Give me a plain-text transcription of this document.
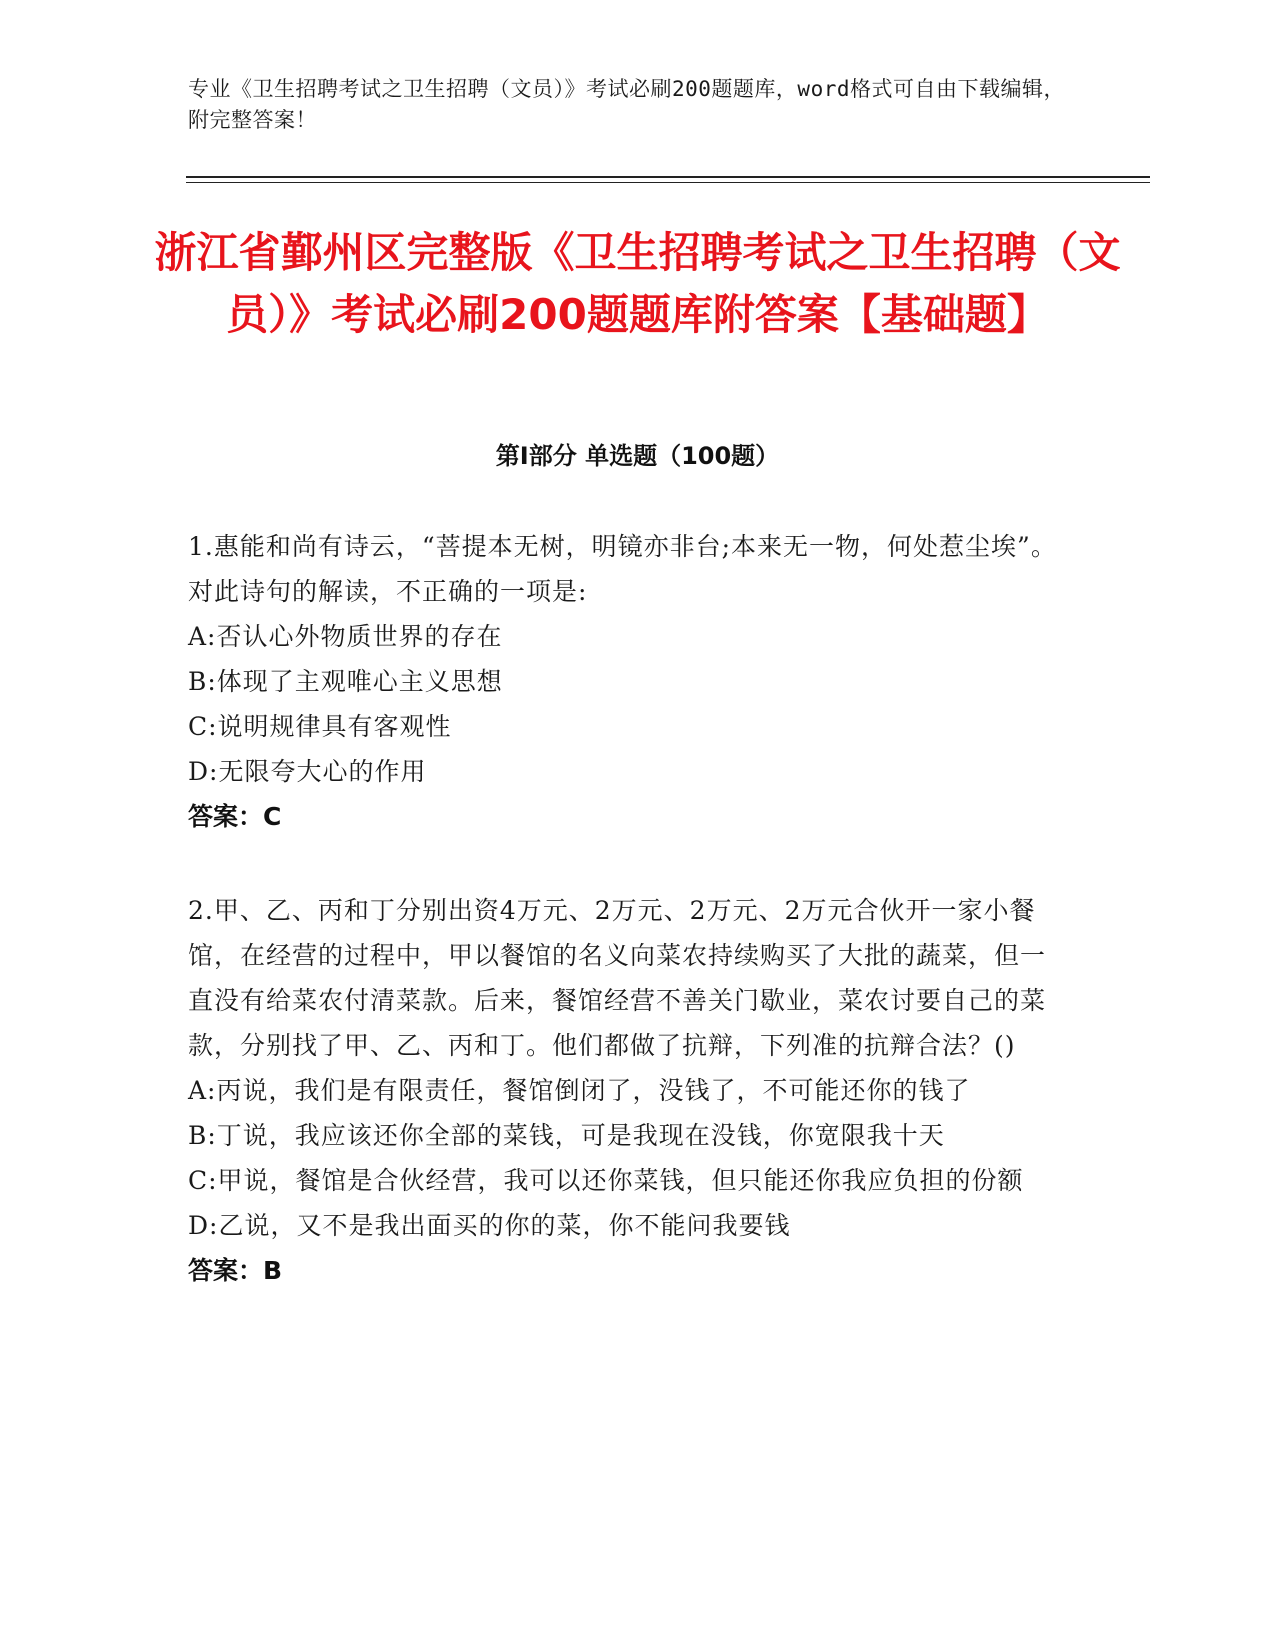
专业《卫生招聘考试之卫生招聘（文员）》考试必刷200题题库，word格式可自由下载编辑，附完整答案！
浙江省鄞州区完整版《卫生招聘考试之卫生招聘（文员）》考试必刷200题题库附答案【基础题】
第Ⅰ部分 单选题（100题）

1.惠能和尚有诗云，“菩提本无树，明镜亦非台;本来无一物，何处惹尘埃”。对此诗句的解读，不正确的一项是:

A:否认心外物质世界的存在

B:体现了主观唯心主义思想

C:说明规律具有客观性

D:无限夸大心的作用

答案：C

2.甲、乙、丙和丁分别出资4万元、2万元、2万元、2万元合伙开一家小餐馆，在经营的过程中，甲以餐馆的名义向菜农持续购买了大批的蔬菜，但一直没有给菜农付清菜款。后来，餐馆经营不善关门歇业，菜农讨要自己的菜款，分别找了甲、乙、丙和丁。他们都做了抗辩，下列准的抗辩合法？()

A:丙说，我们是有限责任，餐馆倒闭了，没钱了，不可能还你的钱了

B:丁说，我应该还你全部的菜钱，可是我现在没钱，你宽限我十天

C:甲说，餐馆是合伙经营，我可以还你菜钱，但只能还你我应负担的份额

D:乙说，又不是我出面买的你的菜，你不能问我要钱

答案：B
